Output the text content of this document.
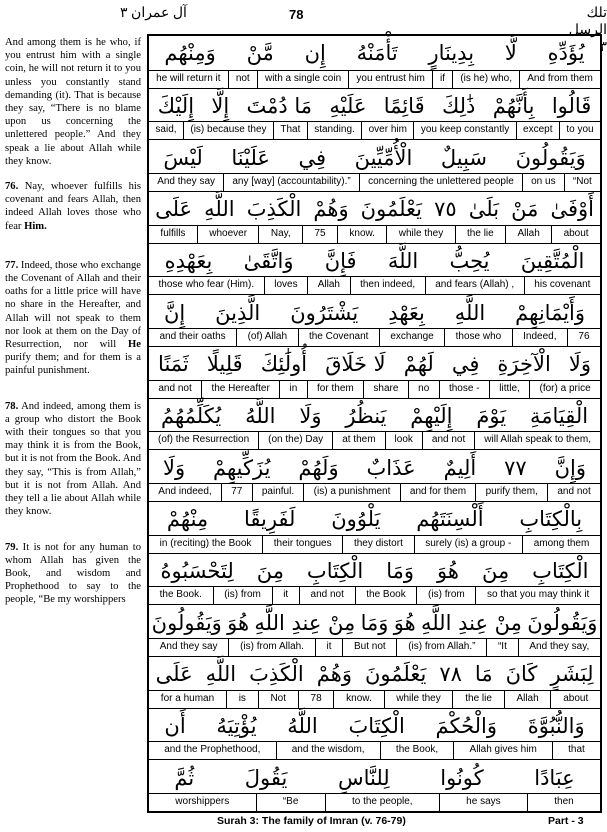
تلك الرسل ٣
78
آل عمران ٣

And among them is he who, if you entrust him with a single coin, he will not return it to you unless you constantly stand demanding (it). That is because they say, “There is no blame upon us concerning the unlettered people.” And they speak a lie about Allah while they know.

76. Nay, whoever fulfills his covenant and fears Allah, then indeed Allah loves those who fear Him.

77. Indeed, those who exchange the Covenant of Allah and their oaths for a little price will have no share in the Hereafter, and Allah will not speak to them nor look at them on the Day of Resurrection, nor will He purify them; and for them is a painful punishment.

78. And indeed, among them is a group who distort the Book with their tongues so that you may think it is from the Book, but it is not from the Book. And they say, “This is from Allah,” but it is not from Allah. And they tell a lie about Allah while they know.

79. It is not for any human to whom Allah has given the Book, and wisdom and Prophethood to say to the people, “Be my worshippers

وَمِنْهُم مَّنْ إِن تَأْمَنْهُ بِدِينَارٍ لَّا يُؤَدِّهِ
And from them
(is he) who,
if
you entrust him
with a single coin
not
he will return it
إِلَيْكَ إِلَّا مَا دُمْتَ عَلَيْهِ قَائِمًا ذَٰلِكَ بِأَنَّهُمْ قَالُوا
to you
except
you keep constantly
over him
standing.
That
(is) because they
said,
لَيْسَ عَلَيْنَا فِي الْأُمِّيِّينَ سَبِيلٌ وَيَقُولُونَ
“Not
on us
concerning the unlettered people
any [way] (accountability).”
And they say
عَلَى اللَّهِ الْكَذِبَ وَهُمْ يَعْلَمُونَ ٧٥ بَلَىٰ مَنْ أَوْفَىٰ
about
Allah
the lie
while they
know.
75
Nay,
whoever
fulfills
بِعَهْدِهِ وَاتَّقَىٰ فَإِنَّ اللَّهَ يُحِبُّ الْمُتَّقِينَ
his covenant
and fears (Allah) ,
then indeed,
Allah
loves
those who fear (Him).
إِنَّ الَّذِينَ يَشْتَرُونَ بِعَهْدِ اللَّهِ وَأَيْمَانِهِمْ
76
Indeed,
those who
exchange
the Covenant
(of) Allah
and their oaths
ثَمَنًا قَلِيلًا أُولَٰئِكَ لَا خَلَاقَ لَهُمْ فِي الْآخِرَةِ وَلَا
(for) a price
little,
those -
no
share
for them
in
the Hereafter
and not
يُكَلِّمُهُمُ اللَّهُ وَلَا يَنظُرُ إِلَيْهِمْ يَوْمَ الْقِيَامَةِ
will Allah speak to them,
and not
look
at them
(on the) Day
(of) the Resurrection
وَلَا يُزَكِّيهِمْ وَلَهُمْ عَذَابٌ أَلِيمٌ ٧٧ وَإِنَّ
and not
purify them,
and for them
(is) a punishment
painful.
77
And indeed,
مِنْهُمْ لَفَرِيقًا يَلْوُونَ أَلْسِنَتَهُم بِالْكِتَابِ
among them
surely (is) a group -
they distort
their tongues
in (reciting) the Book
لِتَحْسَبُوهُ مِنَ الْكِتَابِ وَمَا هُوَ مِنَ الْكِتَابِ
so that you may think it
(is) from
the Book
and not
it
(is) from
the Book.
وَيَقُولُونَ هُوَ مِنْ عِندِ اللَّهِ وَمَا هُوَ مِنْ عِندِ اللَّهِ وَيَقُولُونَ
And they say,
“It
(is) from Allah.”
But not
it
(is) from Allah.
And they say
عَلَى اللَّهِ الْكَذِبَ وَهُمْ يَعْلَمُونَ ٧٨ مَا كَانَ لِبَشَرٍ
about
Allah
the lie
while they
know.
78
Not
is
for a human
أَن يُؤْتِيَهُ اللَّهُ الْكِتَابَ وَالْحُكْمَ وَالنُّبُوَّةَ
that
Allah gives him
the Book,
and the wisdom,
and the Prophethood,
ثُمَّ يَقُولَ لِلنَّاسِ كُونُوا عِبَادًا
then
he says
to the people,
“Be
worshippers
Surah 3: The family of Imran (v. 76-79)	Part - 3
